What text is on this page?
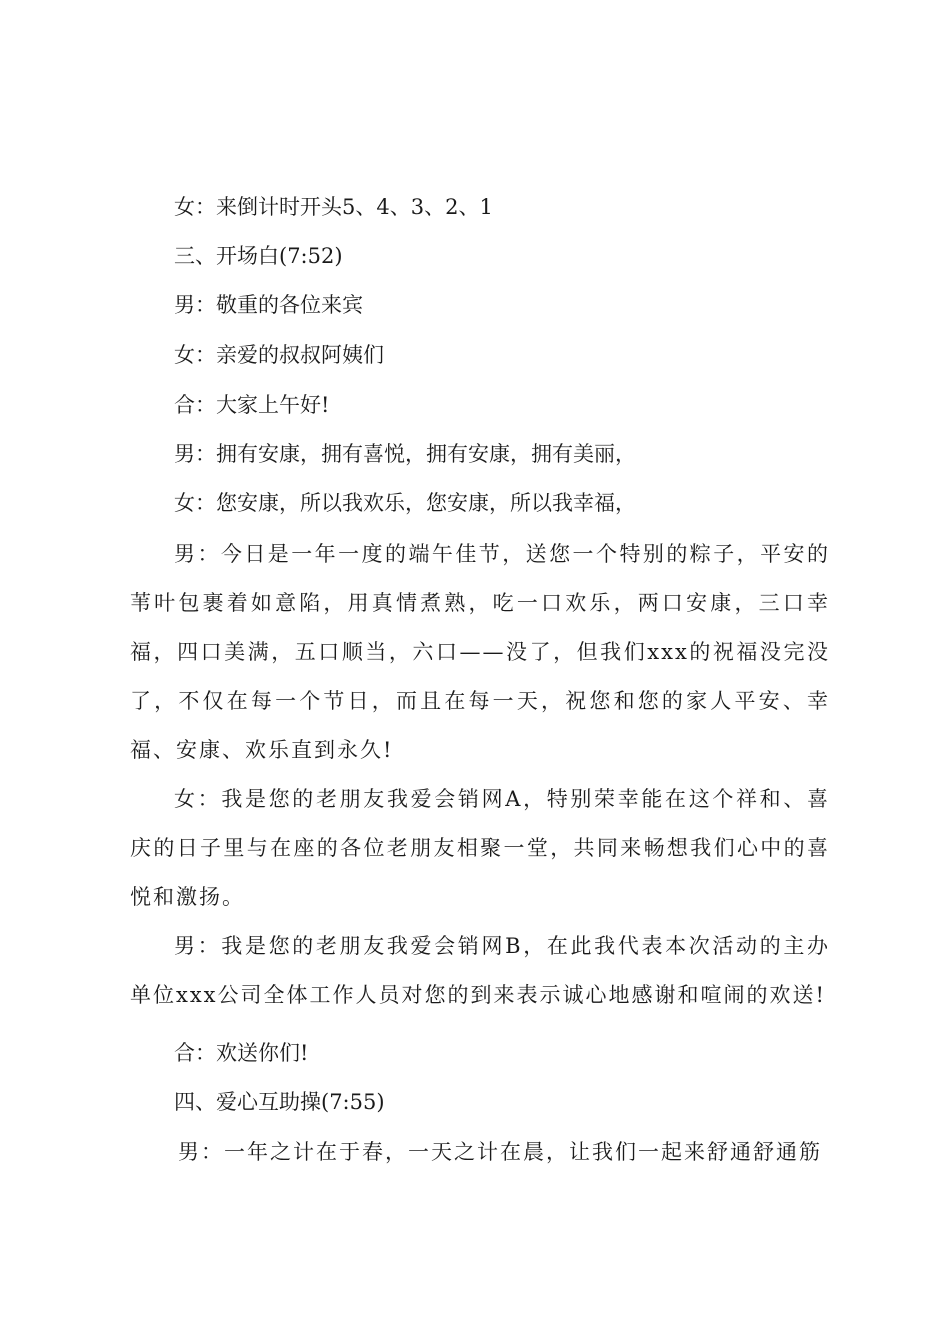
女：来倒计时开头5、4、3、2、1
三、开场白(7:52)
男：敬重的各位来宾
女：亲爱的叔叔阿姨们
合：大家上午好!
男：拥有安康，拥有喜悦，拥有安康，拥有美丽，
女：您安康，所以我欢乐，您安康，所以我幸福，
男：今日是一年一度的端午佳节，送您一个特别的粽子，平安的苇叶包裹着如意陷，用真情煮熟，吃一口欢乐，两口安康，三口幸福，四口美满，五口顺当，六口——没了，但我们xxx的祝福没完没了，不仅在每一个节日，而且在每一天，祝您和您的家人平安、幸福、安康、欢乐直到永久!
女：我是您的老朋友我爱会销网A，特别荣幸能在这个祥和、喜庆的日子里与在座的各位老朋友相聚一堂，共同来畅想我们心中的喜悦和激扬。
男：我是您的老朋友我爱会销网B，在此我代表本次活动的主办单位xxx公司全体工作人员对您的到来表示诚心地感谢和喧闹的欢送!
合：欢送你们!
四、爱心互助操(7:55)
男：一年之计在于春，一天之计在晨，让我们一起来舒通舒通筋
